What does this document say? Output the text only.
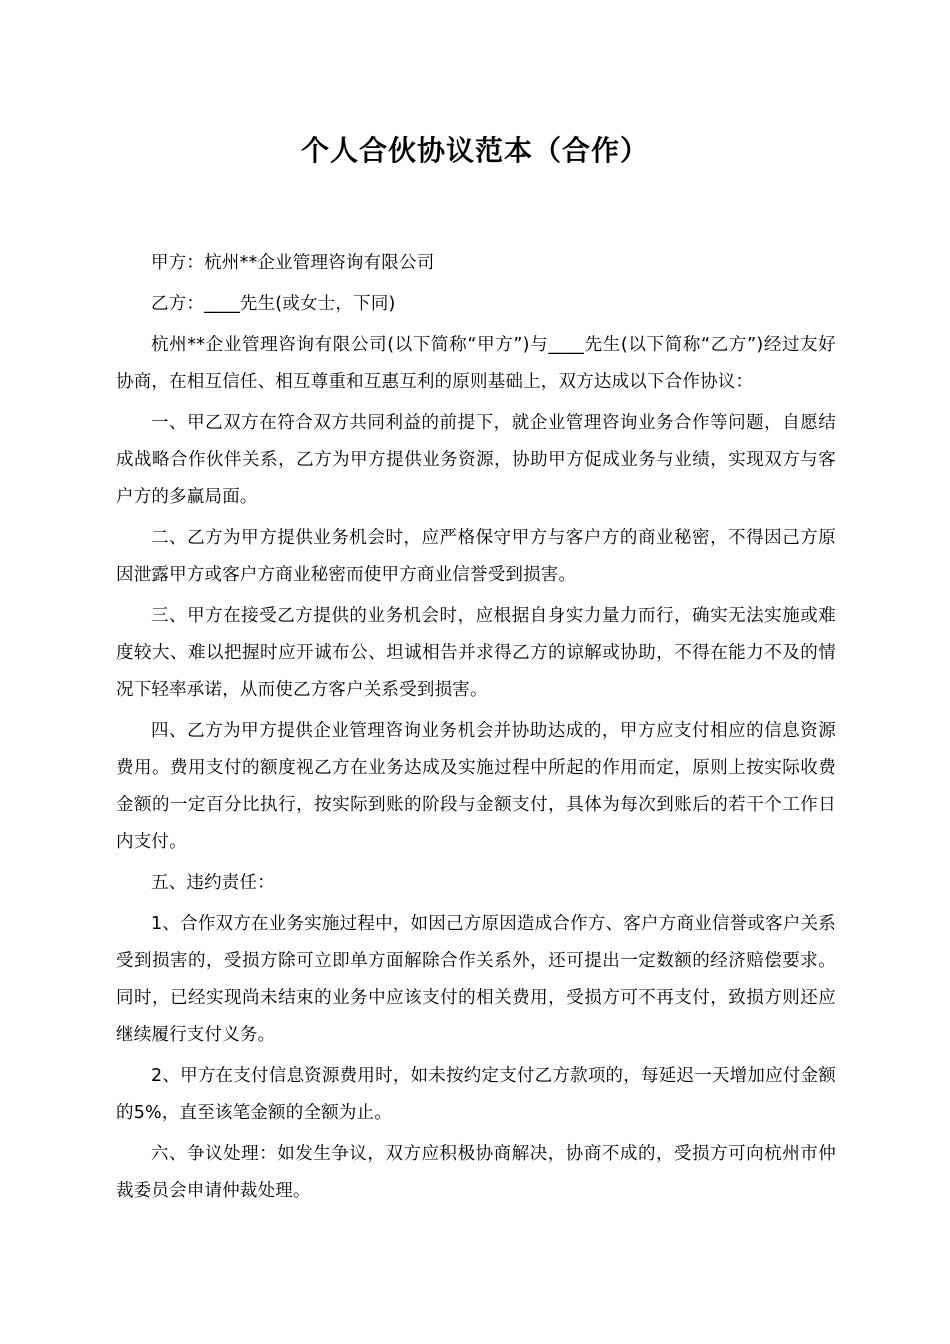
个人合伙协议范本（合作）

甲方：杭州**企业管理咨询有限公司

乙方：____先生(或女士，下同)

杭州**企业管理咨询有限公司(以下简称“甲方”)与____先生(以下简称“乙方”)经过友好协商，在相互信任、相互尊重和互惠互利的原则基础上，双方达成以下合作协议：

一、甲乙双方在符合双方共同利益的前提下，就企业管理咨询业务合作等问题，自愿结成战略合作伙伴关系，乙方为甲方提供业务资源，协助甲方促成业务与业绩，实现双方与客户方的多赢局面。

二、乙方为甲方提供业务机会时，应严格保守甲方与客户方的商业秘密，不得因己方原因泄露甲方或客户方商业秘密而使甲方商业信誉受到损害。

三、甲方在接受乙方提供的业务机会时，应根据自身实力量力而行，确实无法实施或难度较大、难以把握时应开诚布公、坦诚相告并求得乙方的谅解或协助，不得在能力不及的情况下轻率承诺，从而使乙方客户关系受到损害。

四、乙方为甲方提供企业管理咨询业务机会并协助达成的，甲方应支付相应的信息资源费用。费用支付的额度视乙方在业务达成及实施过程中所起的作用而定，原则上按实际收费金额的一定百分比执行，按实际到账的阶段与金额支付，具体为每次到账后的若干个工作日内支付。

五、违约责任：

1、合作双方在业务实施过程中，如因己方原因造成合作方、客户方商业信誉或客户关系受到损害的，受损方除可立即单方面解除合作关系外，还可提出一定数额的经济赔偿要求。同时，已经实现尚未结束的业务中应该支付的相关费用，受损方可不再支付，致损方则还应继续履行支付义务。

2、甲方在支付信息资源费用时，如未按约定支付乙方款项的，每延迟一天增加应付金额的5%，直至该笔金额的全额为止。

六、争议处理：如发生争议，双方应积极协商解决，协商不成的，受损方可向杭州市仲裁委员会申请仲裁处理。
